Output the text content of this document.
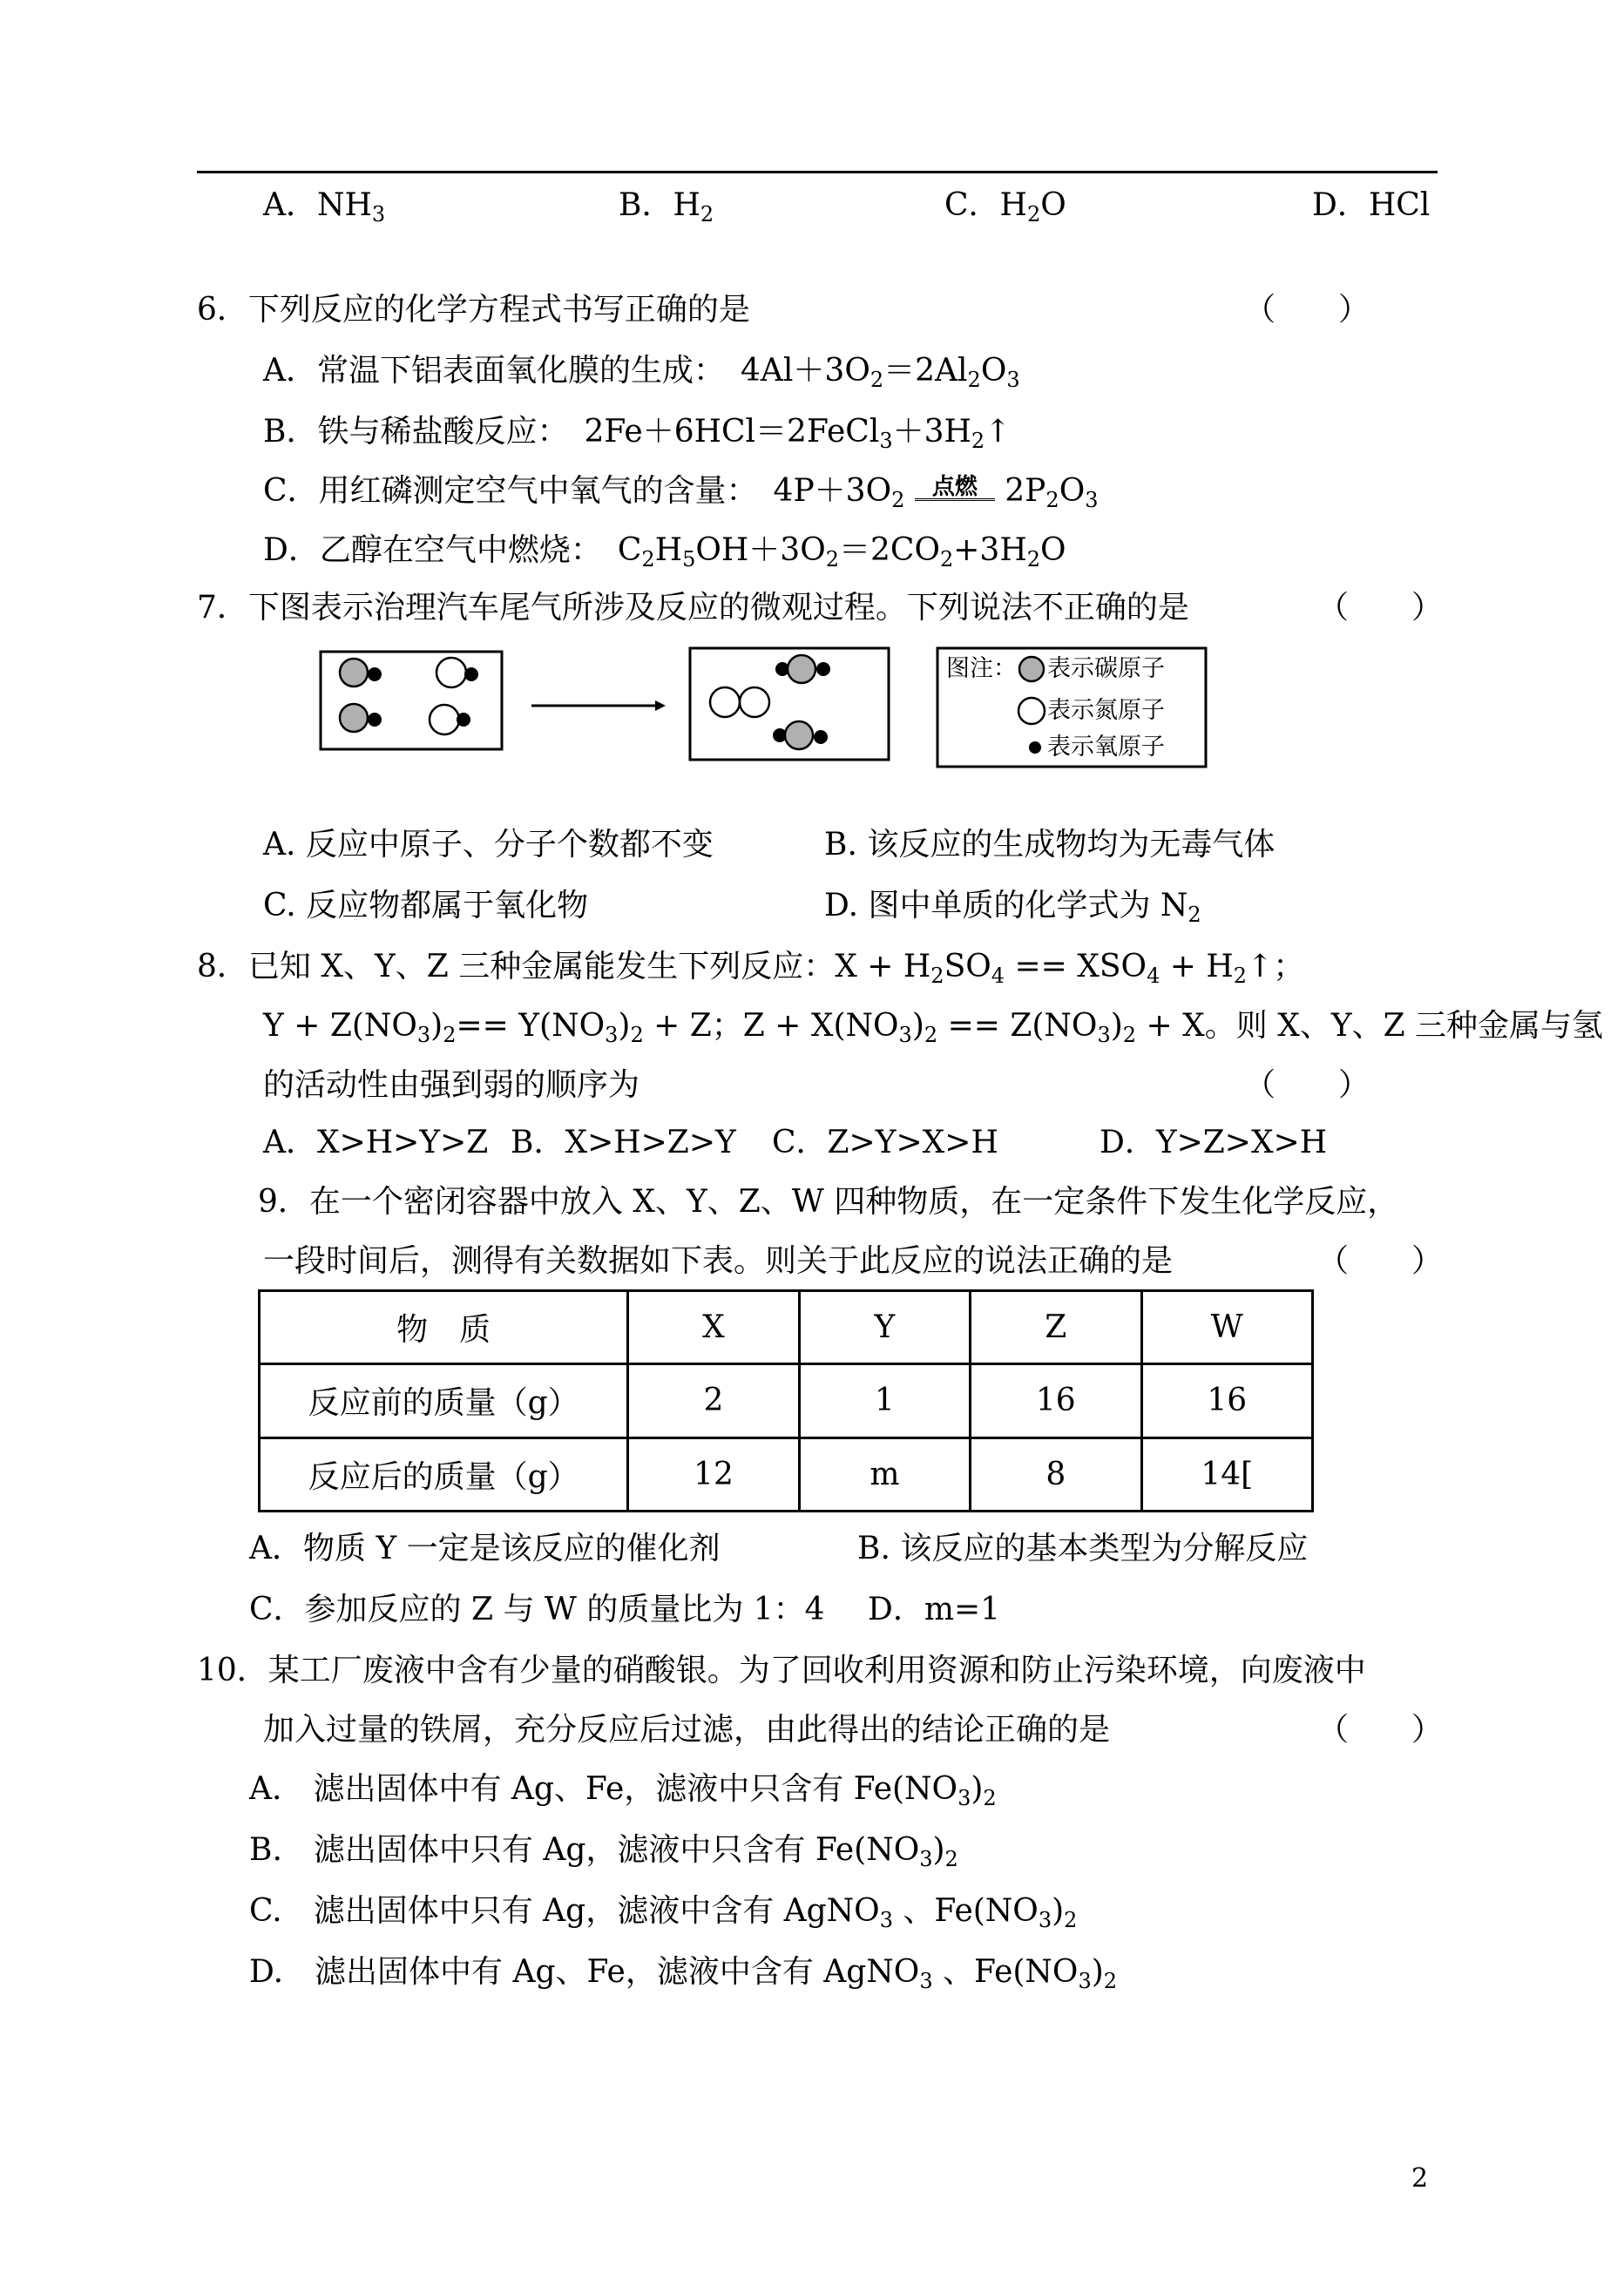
A．$NH_3$	B．$H_2$	C．$H_2O$	D．HCl
6．下列反应的化学方程式书写正确的是	（　　）
A．常温下铝表面氧化膜的生成：　$4Al+3O_2=2Al_2O_3$
B．铁与稀盐酸反应：　$2Fe+6HCl=2FeCl_3+3H_2↑$
C．用红磷测定空气中氧气的含量：　$4P+3O_2$ 点燃 $2P_2O_3$
D．乙醇在空气中燃烧：　$C_2H_5OH+3O_2=2CO_2+3H_2O$
7．下图表示治理汽车尾气所涉及反应的微观过程。下列说法不正确的是	（　　）
图注： 表示碳原子
表示氮原子
表示氧原子
A. 反应中原子、分子个数都不变	B. 该反应的生成物均为无毒气体
C. 反应物都属于氧化物	D. 图中单质的化学式为 $N_2$
8．已知 X、Y、Z 三种金属能发生下列反应：$X + H_2SO_4 == XSO_4$ + $H_2↑$；
$Y + Z(NO_3)_2== Y(NO_3)_2 + Z$；$Z + X(NO_3)_2 == Z(NO_3)_2 + X$。则 X、Y、Z 三种金属与氢
的活动性由强到弱的顺序为	（　　）
A．X>H>Y>Z B．X>H>Z>Y C．Z>Y>X>H	D．Y>Z>X>H
9．在一个密闭容器中放入 X、Y、Z、W 四种物质，在一定条件下发生化学反应，
一段时间后，测得有关数据如下表。则关于此反应的说法正确的是	（　　）
物　质	X	Y	Z	W
反应前的质量（g）	2	1	16	16
反应后的质量（g）	12	m	8	14[
A．物质 Y 一定是该反应的催化剂	B. 该反应的基本类型为分解反应
C．参加反应的 Z 与 W 的质量比为 1：4 D．m=1
10．某工厂废液中含有少量的硝酸银。为了回收利用资源和防止污染环境，向废液中
加入过量的铁屑，充分反应后过滤，由此得出的结论正确的是	（　　）
A.　滤出固体中有 Ag、Fe，滤液中只含有 $Fe(NO_3)_2$
B.　滤出固体中只有 Ag，滤液中只含有 $Fe(NO_3)_2$
C.　滤出固体中只有 Ag，滤液中含有 AgNO$_3$ 、$Fe(NO_3)_2$
D.　滤出固体中有 Ag、Fe，滤液中含有 AgNO$_3$ 、$Fe(NO_3)_2$
2
